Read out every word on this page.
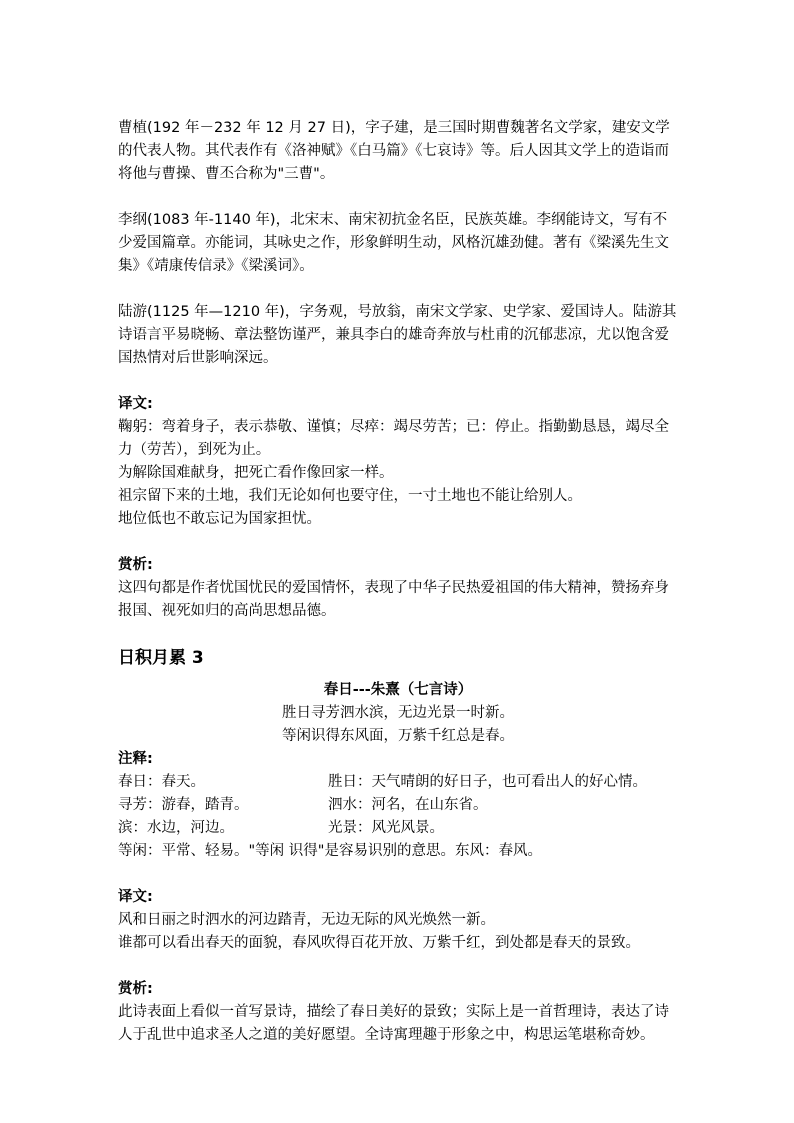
曹植(192 年－232 年 12 月 27 日)，字子建，是三国时期曹魏著名文学家，建安文学的代表人物。其代表作有《洛神赋》《白马篇》《七哀诗》等。后人因其文学上的造诣而将他与曹操、曹丕合称为"三曹"。

李纲(1083 年-1140 年)，北宋末、南宋初抗金名臣，民族英雄。李纲能诗文，写有不少爱国篇章。亦能词，其咏史之作，形象鲜明生动，风格沉雄劲健。著有《梁溪先生文集》《靖康传信录》《梁溪词》。

陆游(1125 年—1210 年)，字务观，号放翁，南宋文学家、史学家、爱国诗人。陆游其诗语言平易晓畅、章法整饬谨严，兼具李白的雄奇奔放与杜甫的沉郁悲凉，尤以饱含爱国热情对后世影响深远。

译文:

鞠躬：弯着身子，表示恭敬、谨慎；尽瘁：竭尽劳苦；已：停止。指勤勤恳恳，竭尽全力（劳苦），到死为止。

为解除国难献身，把死亡看作像回家一样。

祖宗留下来的土地，我们无论如何也要守住，一寸土地也不能让给别人。

地位低也不敢忘记为国家担忧。

赏析:

这四句都是作者忧国忧民的爱国情怀，表现了中华子民热爱祖国的伟大精神，赞扬弃身报国、视死如归的高尚思想品德。

日积月累 3

春日---朱熹（七言诗）

胜日寻芳泗水滨，无边光景一时新。

等闲识得东风面，万紫千红总是春。

注释:

春日：春天。	胜日：天气晴朗的好日子，也可看出人的好心情。
寻芳：游春，踏青。	泗水：河名，在山东省。
滨：水边，河边。	光景：风光风景。

等闲：平常、轻易。"等闲 识得"是容易识别的意思。东风：春风。

译文:

风和日丽之时泗水的河边踏青，无边无际的风光焕然一新。

谁都可以看出春天的面貌，春风吹得百花开放、万紫千红，到处都是春天的景致。

赏析:

此诗表面上看似一首写景诗，描绘了春日美好的景致；实际上是一首哲理诗，表达了诗人于乱世中追求圣人之道的美好愿望。全诗寓理趣于形象之中，构思运笔堪称奇妙。
